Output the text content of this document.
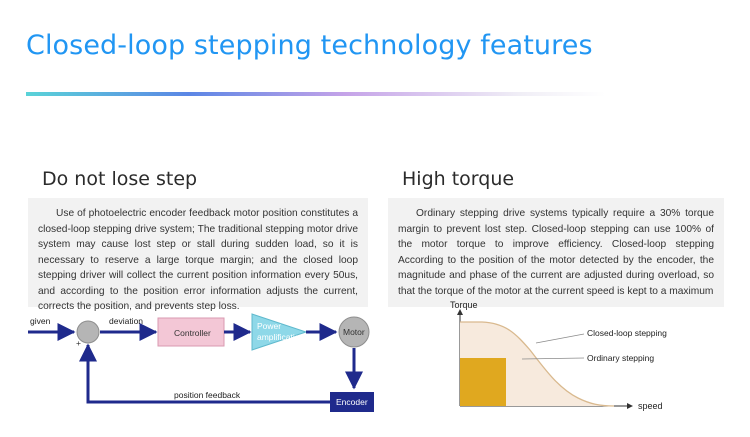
Closed-loop stepping technology features
Do not lose step
Use of photoelectric encoder feedback motor position constitutes a closed-loop stepping drive system; The traditional stepping motor drive system may cause lost step or stall during sudden load, so it is necessary to reserve a large torque margin; and the closed loop stepping driver will collect the current position information every 50us, and according to the position error information adjusts the current, corrects the position, and prevents step loss.
High torque
Ordinary stepping drive systems typically require a 30% torque margin to prevent lost step. Closed-loop stepping can use 100% of the motor torque to improve efficiency. Closed-loop stepping According to the position of the motor detected by the encoder, the magnitude and phase of the current are adjusted during overload, so that the torque of the motor at the current speed is kept to a maximum
given
+
-
deviation
Controller
Power
amplification	Motor
Encoder
position feedback
Torque
speed
Closed-loop stepping
Ordinary stepping
